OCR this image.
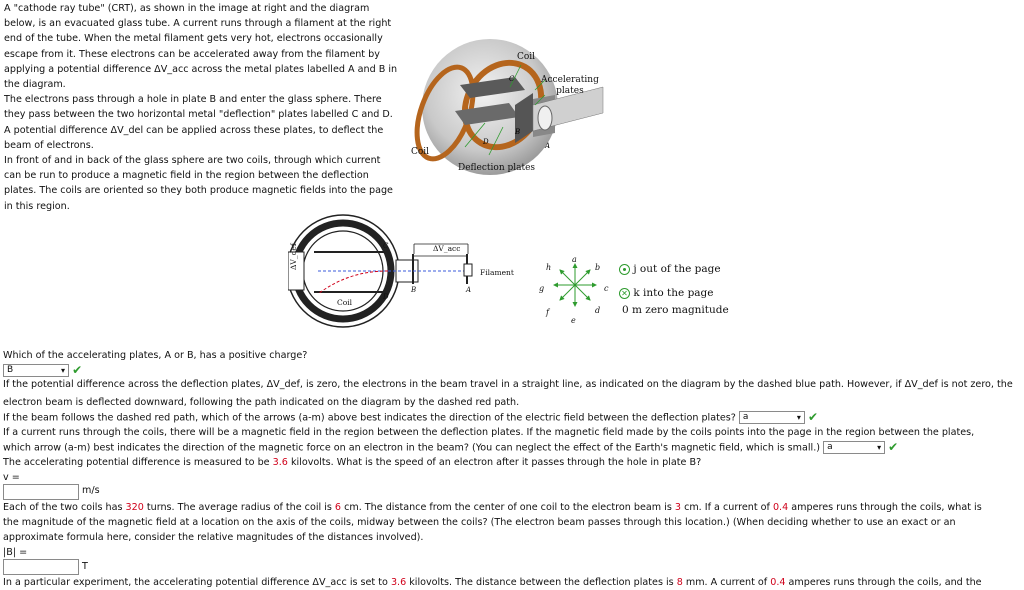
A "cathode ray tube" (CRT), as shown in the image at right and the diagram

below, is an evacuated glass tube. A current runs through a filament at the right

end of the tube. When the metal filament gets very hot, electrons occasionally

escape from it. These electrons can be accelerated away from the filament by

applying a potential difference ΔV_acc across the metal plates labelled A and B in

the diagram.

The electrons pass through a hole in plate B and enter the glass sphere. There

they pass between the two horizontal metal "deflection" plates labelled C and D.

A potential difference ΔV_del can be applied across these plates, to deflect the

beam of electrons.

In front of and in back of the glass sphere are two coils, through which current

can be run to produce a magnetic field in the region between the deflection

plates. The coils are oriented so they both produce magnetic fields into the page

in this region.

C
B
D	A
Coil
Coil
Accelerating
plates
Deflection plates
ΔV_acc
ΔV_def
Filament
Coil
C
D
B	A
a
b
c
d
e
f
g
h	j out of the page
✕ k into the page
0 m zero magnitude
Which of the accelerating plates, A or B, has a positive charge?
B	▾ ✔
If the potential difference across the deflection plates, ΔV_def, is zero, the electrons in the beam travel in a straight line, as indicated on the diagram by the dashed blue path. However, if ΔV_def is not zero, the
electron beam is deflected downward, following the path indicated on the diagram by the dashed red path.
If the beam follows the dashed red path, which of the arrows (a-m) above best indicates the direction of the electric field between the deflection plates? a	▾ ✔
If a current runs through the coils, there will be a magnetic field in the region between the deflection plates. If the magnetic field made by the coils points into the page in the region between the plates,
which arrow (a-m) best indicates the direction of the magnetic force on an electron in the beam? (You can neglect the effect of the Earth's magnetic field, which is small.) a	▾ ✔
The accelerating potential difference is measured to be 3.6 kilovolts. What is the speed of an electron after it passes through the hole in plate B?
v =
m/s
Each of the two coils has 320 turns. The average radius of the coil is 6 cm. The distance from the center of one coil to the electron beam is 3 cm. If a current of 0.4 amperes runs through the coils, what is
the magnitude of the magnetic field at a location on the axis of the coils, midway between the coils? (The electron beam passes through this location.) (When deciding whether to use an exact or an
approximate formula here, consider the relative magnitudes of the distances involved).
|B| =
T
In a particular experiment, the accelerating potential difference ΔV_acc is set to 3.6 kilovolts. The distance between the deflection plates is 8 mm. A current of 0.4 amperes runs through the coils, and the
